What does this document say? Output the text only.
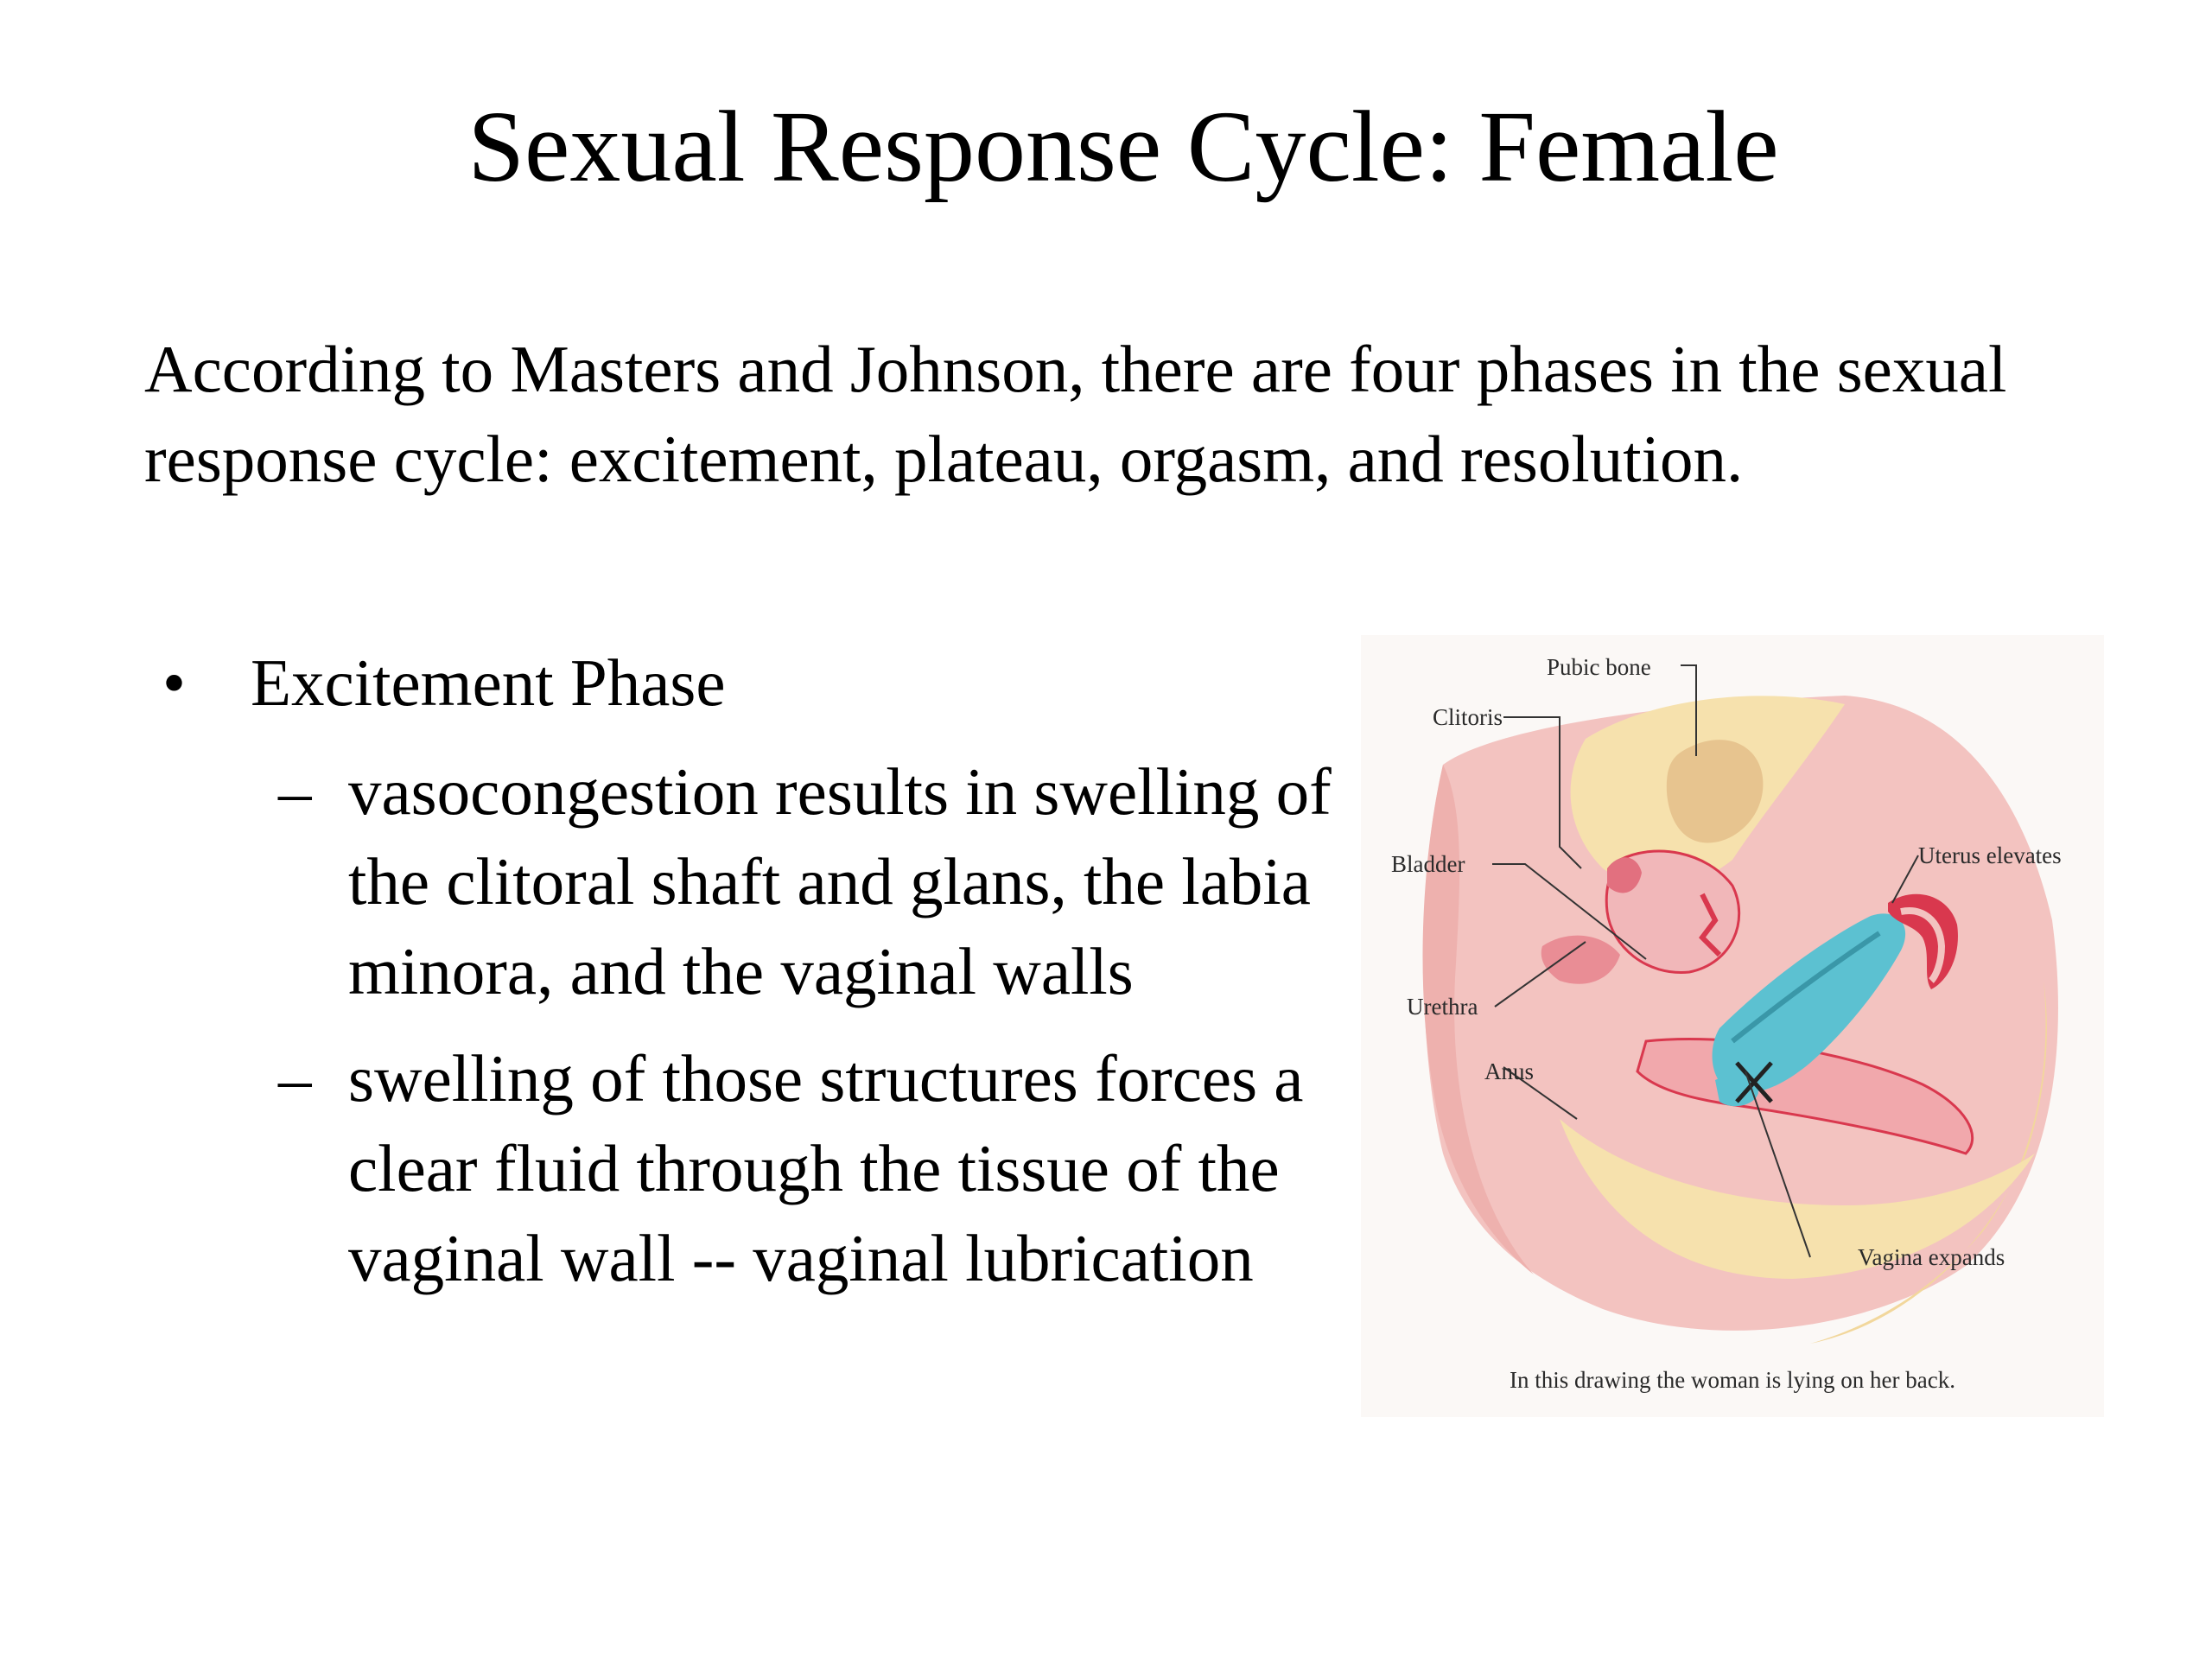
Sexual Response Cycle: Female
According to Masters and Johnson, there are four phases in the sexual response cycle: excitement, plateau, orgasm, and resolution.
• Excitement Phase
– vasocongestion results in swelling of the clitoral shaft and glans, the labia minora, and the vaginal walls
– swelling of those structures forces a clear fluid through the tissue of the vaginal wall -- vaginal lubrication
Pubic bone
Clitoris
Bladder	Uterus elevates
Urethra
Anus
Vagina expands
In this drawing the woman is lying on her back.
